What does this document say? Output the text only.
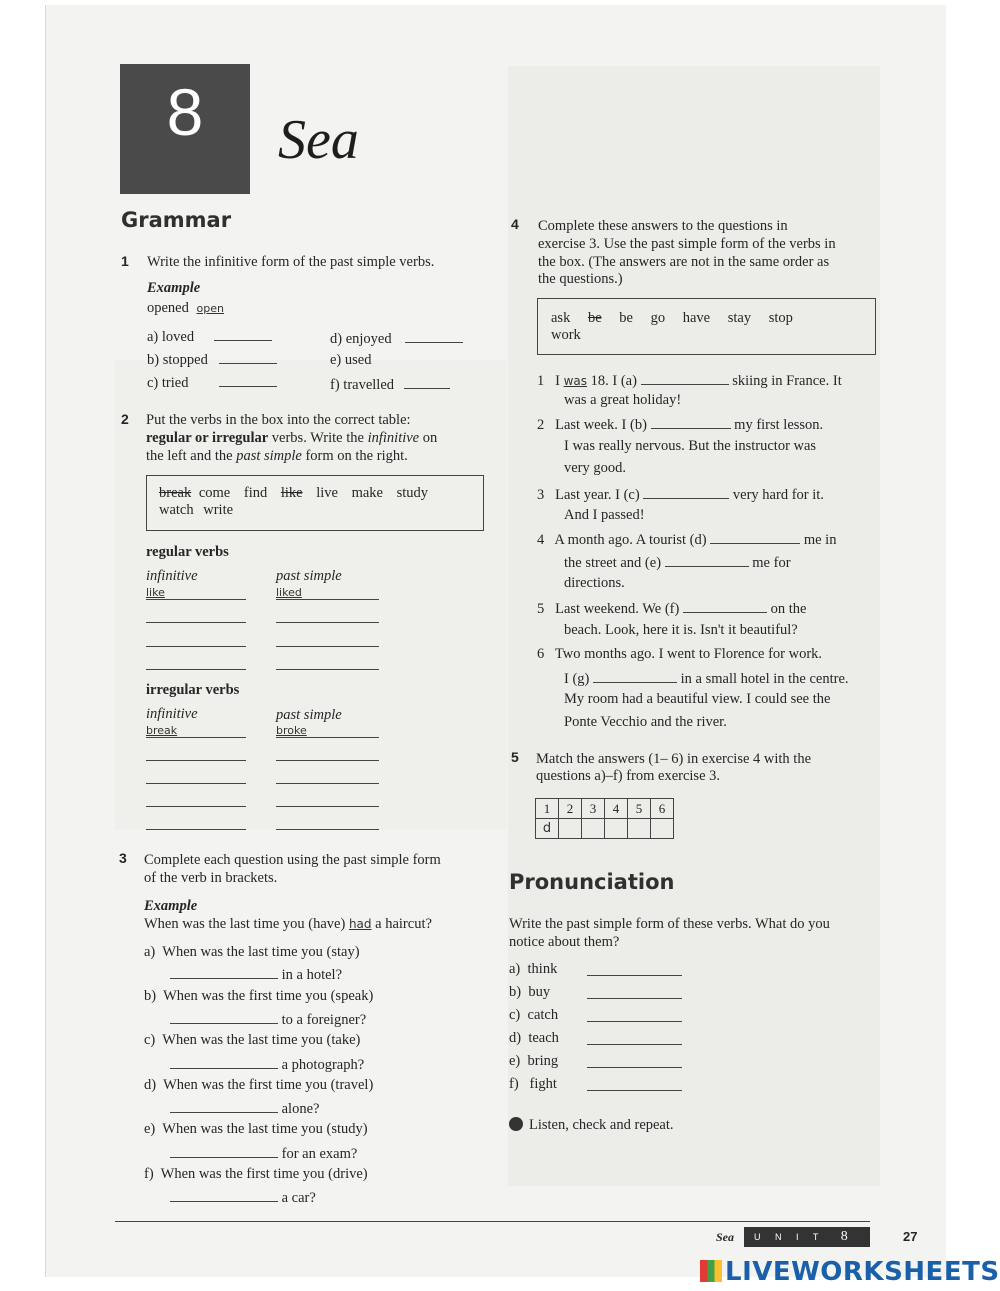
8	Sea
Grammar
1 Write the infinitive form of the past simple verbs.
Example
opened open
a) loved
b) stopped
c) tried
d) enjoyed
e) used
f) travelled
2 Put the verbs in the box into the correct table:
regular or irregular verbs. Write the infinitive on
the left and the past simple form on the right.
break come find like live make study
watch write
regular verbs
infinitive	past simple
like	liked
irregular verbs
infinitive	past simple
break	broke
3 Complete each question using the past simple form
of the verb in brackets.
Example
When was the last time you (have) had a haircut?
a) When was the last time you (stay)
in a hotel?
b) When was the first time you (speak)
to a foreigner?
c) When was the last time you (take)
a photograph?
d) When was the first time you (travel)
alone?
e) When was the last time you (study)
for an exam?
f) When was the first time you (drive)
a car?
4 Complete these answers to the questions in
exercise 3. Use the past simple form of the verbs in
the box. (The answers are not in the same order as
the questions.)
ask be be go have stay stop
work
1 I was 18. I (a)	skiing in France. It
was a great holiday!
2 Last week. I (b)	my first lesson.
I was really nervous. But the instructor was
very good.
3 Last year. I (c)	very hard for it.
And I passed!
4 A month ago. A tourist (d)	me in
the street and (e)	me for
directions.
5 Last weekend. We (f)	on the
beach. Look, here it is. Isn't it beautiful?
6 Two months ago. I went to Florence for work.
I (g)	in a small hotel in the centre.
My room had a beautiful view. I could see the
Ponte Vecchio and the river.
5 Match the answers (1– 6) in exercise 4 with the
questions a)–f) from exercise 3.
1	2	3	4	5	6
d					
Pronunciation
Write the past simple form of these verbs. What do you
notice about them?
a) think
b) buy
c) catch
d) teach
e) bring
f) fight
Listen, check and repeat.
Sea	U N I T 8	27
LIVEWORKSHEETS
